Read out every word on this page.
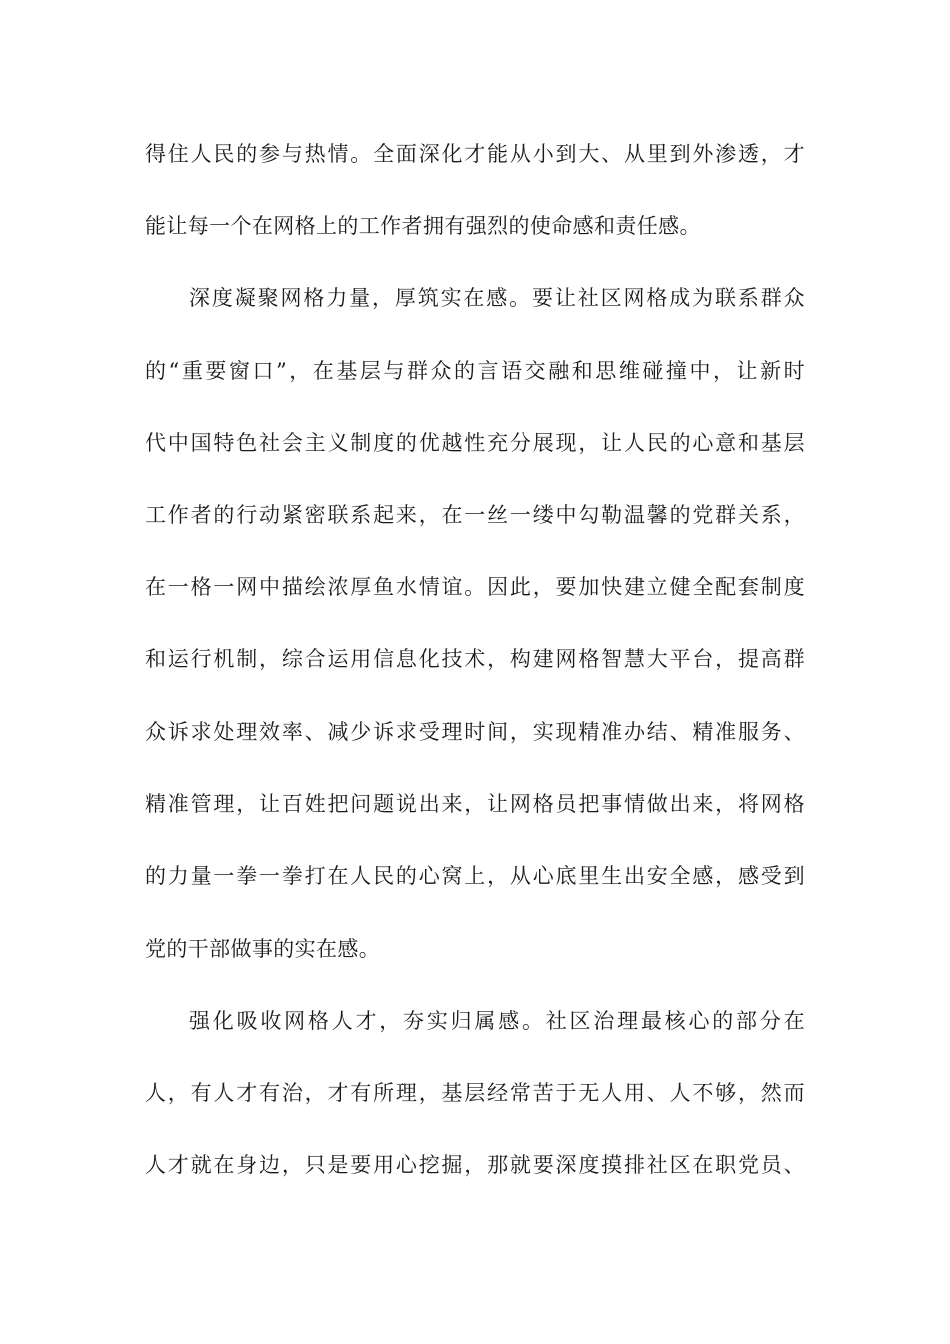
得住人民的参与热情。全面深化才能从小到大、从里到外渗透，才
能让每一个在网格上的工作者拥有强烈的使命感和责任感。
深度凝聚网格力量，厚筑实在感。要让社区网格成为联系群众
的“重要窗口”，在基层与群众的言语交融和思维碰撞中，让新时
代中国特色社会主义制度的优越性充分展现，让人民的心意和基层
工作者的行动紧密联系起来，在一丝一缕中勾勒温馨的党群关系，
在一格一网中描绘浓厚鱼水情谊。因此，要加快建立健全配套制度
和运行机制，综合运用信息化技术，构建网格智慧大平台，提高群
众诉求处理效率、减少诉求受理时间，实现精准办结、精准服务、
精准管理，让百姓把问题说出来，让网格员把事情做出来，将网格
的力量一拳一拳打在人民的心窝上，从心底里生出安全感，感受到
党的干部做事的实在感。
强化吸收网格人才，夯实归属感。社区治理最核心的部分在
人，有人才有治，才有所理，基层经常苦于无人用、人不够，然而
人才就在身边，只是要用心挖掘，那就要深度摸排社区在职党员、
